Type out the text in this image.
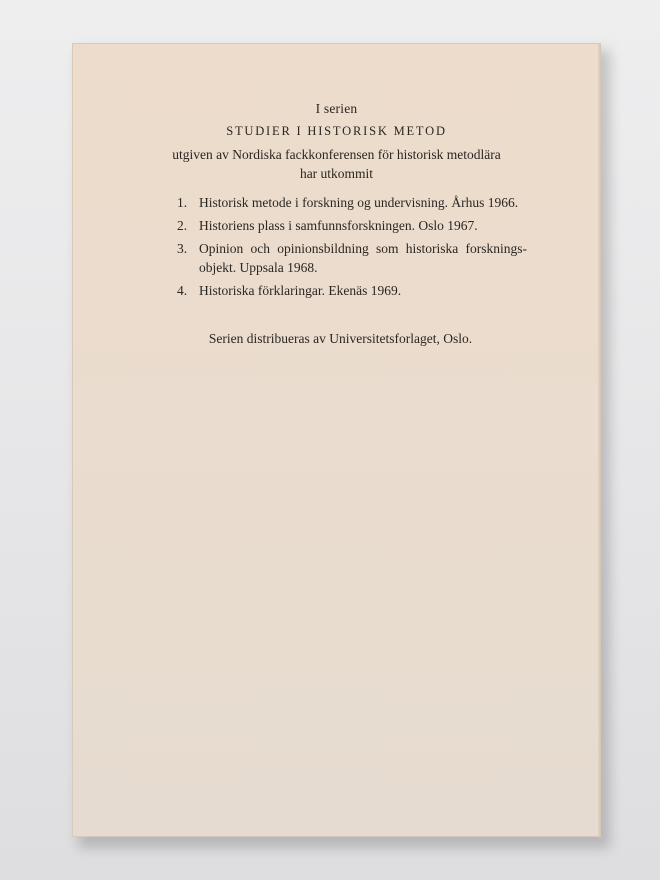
I serien
STUDIER I HISTORISK METOD
utgiven av Nordiska fackkonferensen för historisk metodlära
har utkommit
1. Historisk metode i forskning og undervisning. Århus 1966.
2. Historiens plass i samfunnsforskningen. Oslo 1967.
3. Opinion och opinionsbildning som historiska forsknings-objekt. Uppsala 1968.
4. Historiska förklaringar. Ekenäs 1969.
Serien distribueras av Universitetsforlaget, Oslo.
